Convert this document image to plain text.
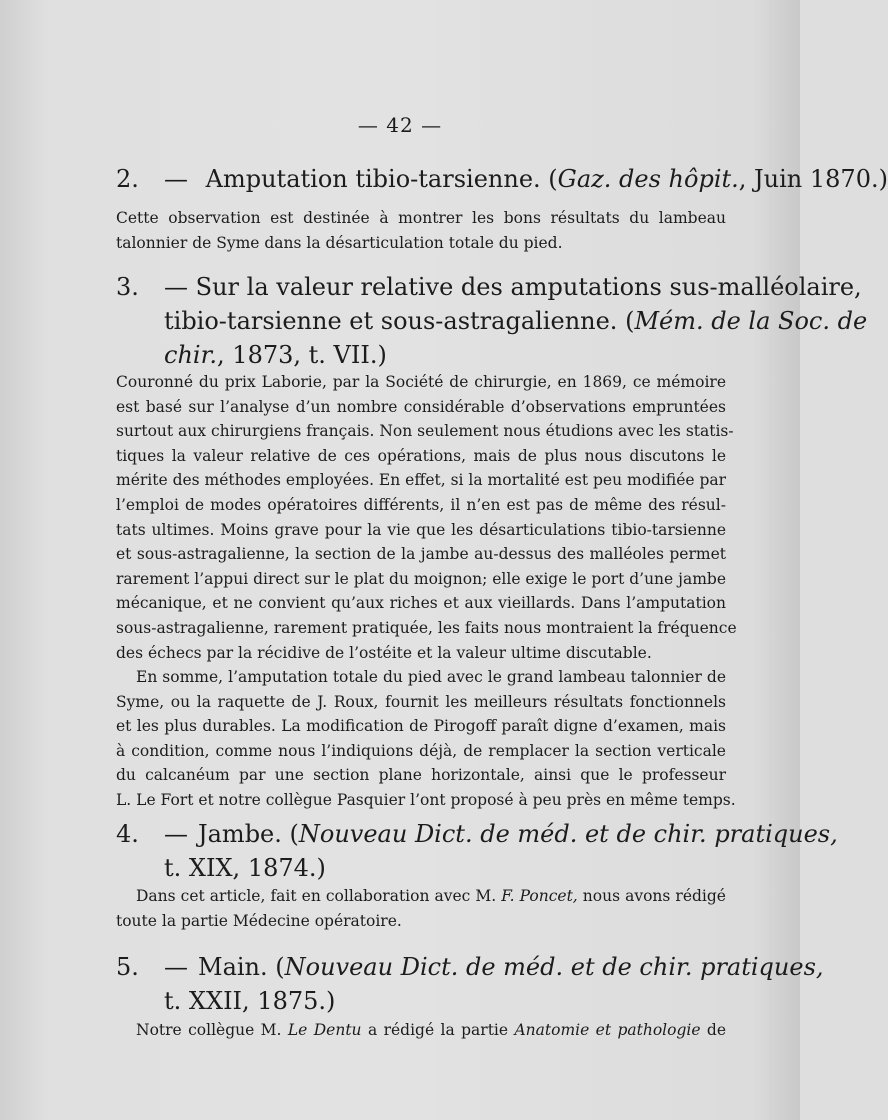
— 42 —
2. — Amputation tibio-tarsienne. (Gaz. des hôpit., Juin 1870.)
Cette observation est destinée à montrer les bons résultats du lambeau
talonnier de Syme dans la désarticulation totale du pied.
3. — Sur la valeur relative des amputations sus-malléolaire,
tibio-tarsienne et sous-astragalienne. (Mém. de la Soc. de
chir., 1873, t. VII.)
Couronné du prix Laborie, par la Société de chirurgie, en 1869, ce mémoire
est basé sur l’analyse d’un nombre considérable d’observations empruntées
surtout aux chirurgiens français. Non seulement nous étudions avec les statis-
tiques la valeur relative de ces opérations, mais de plus nous discutons le
mérite des méthodes employées. En effet, si la mortalité est peu modifiée par
l’emploi de modes opératoires différents, il n’en est pas de même des résul-
tats ultimes. Moins grave pour la vie que les désarticulations tibio-tarsienne
et sous-astragalienne, la section de la jambe au-dessus des malléoles permet
rarement l’appui direct sur le plat du moignon; elle exige le port d’une jambe
mécanique, et ne convient qu’aux riches et aux vieillards. Dans l’amputation
sous-astragalienne, rarement pratiquée, les faits nous montraient la fréquence
des échecs par la récidive de l’ostéite et la valeur ultime discutable.
En somme, l’amputation totale du pied avec le grand lambeau talonnier de
Syme, ou la raquette de J. Roux, fournit les meilleurs résultats fonctionnels
et les plus durables. La modification de Pirogoff paraît digne d’examen, mais
à condition, comme nous l’indiquions déjà, de remplacer la section verticale
du calcanéum par une section plane horizontale, ainsi que le professeur
L. Le Fort et notre collègue Pasquier l’ont proposé à peu près en même temps.
4. — Jambe. (Nouveau Dict. de méd. et de chir. pratiques,
t. XIX, 1874.)
Dans cet article, fait en collaboration avec M. F. Poncet, nous avons rédigé
toute la partie Médecine opératoire.
5. — Main. (Nouveau Dict. de méd. et de chir. pratiques,
t. XXII, 1875.)
Notre collègue M. Le Dentu a rédigé la partie Anatomie et pathologie de
